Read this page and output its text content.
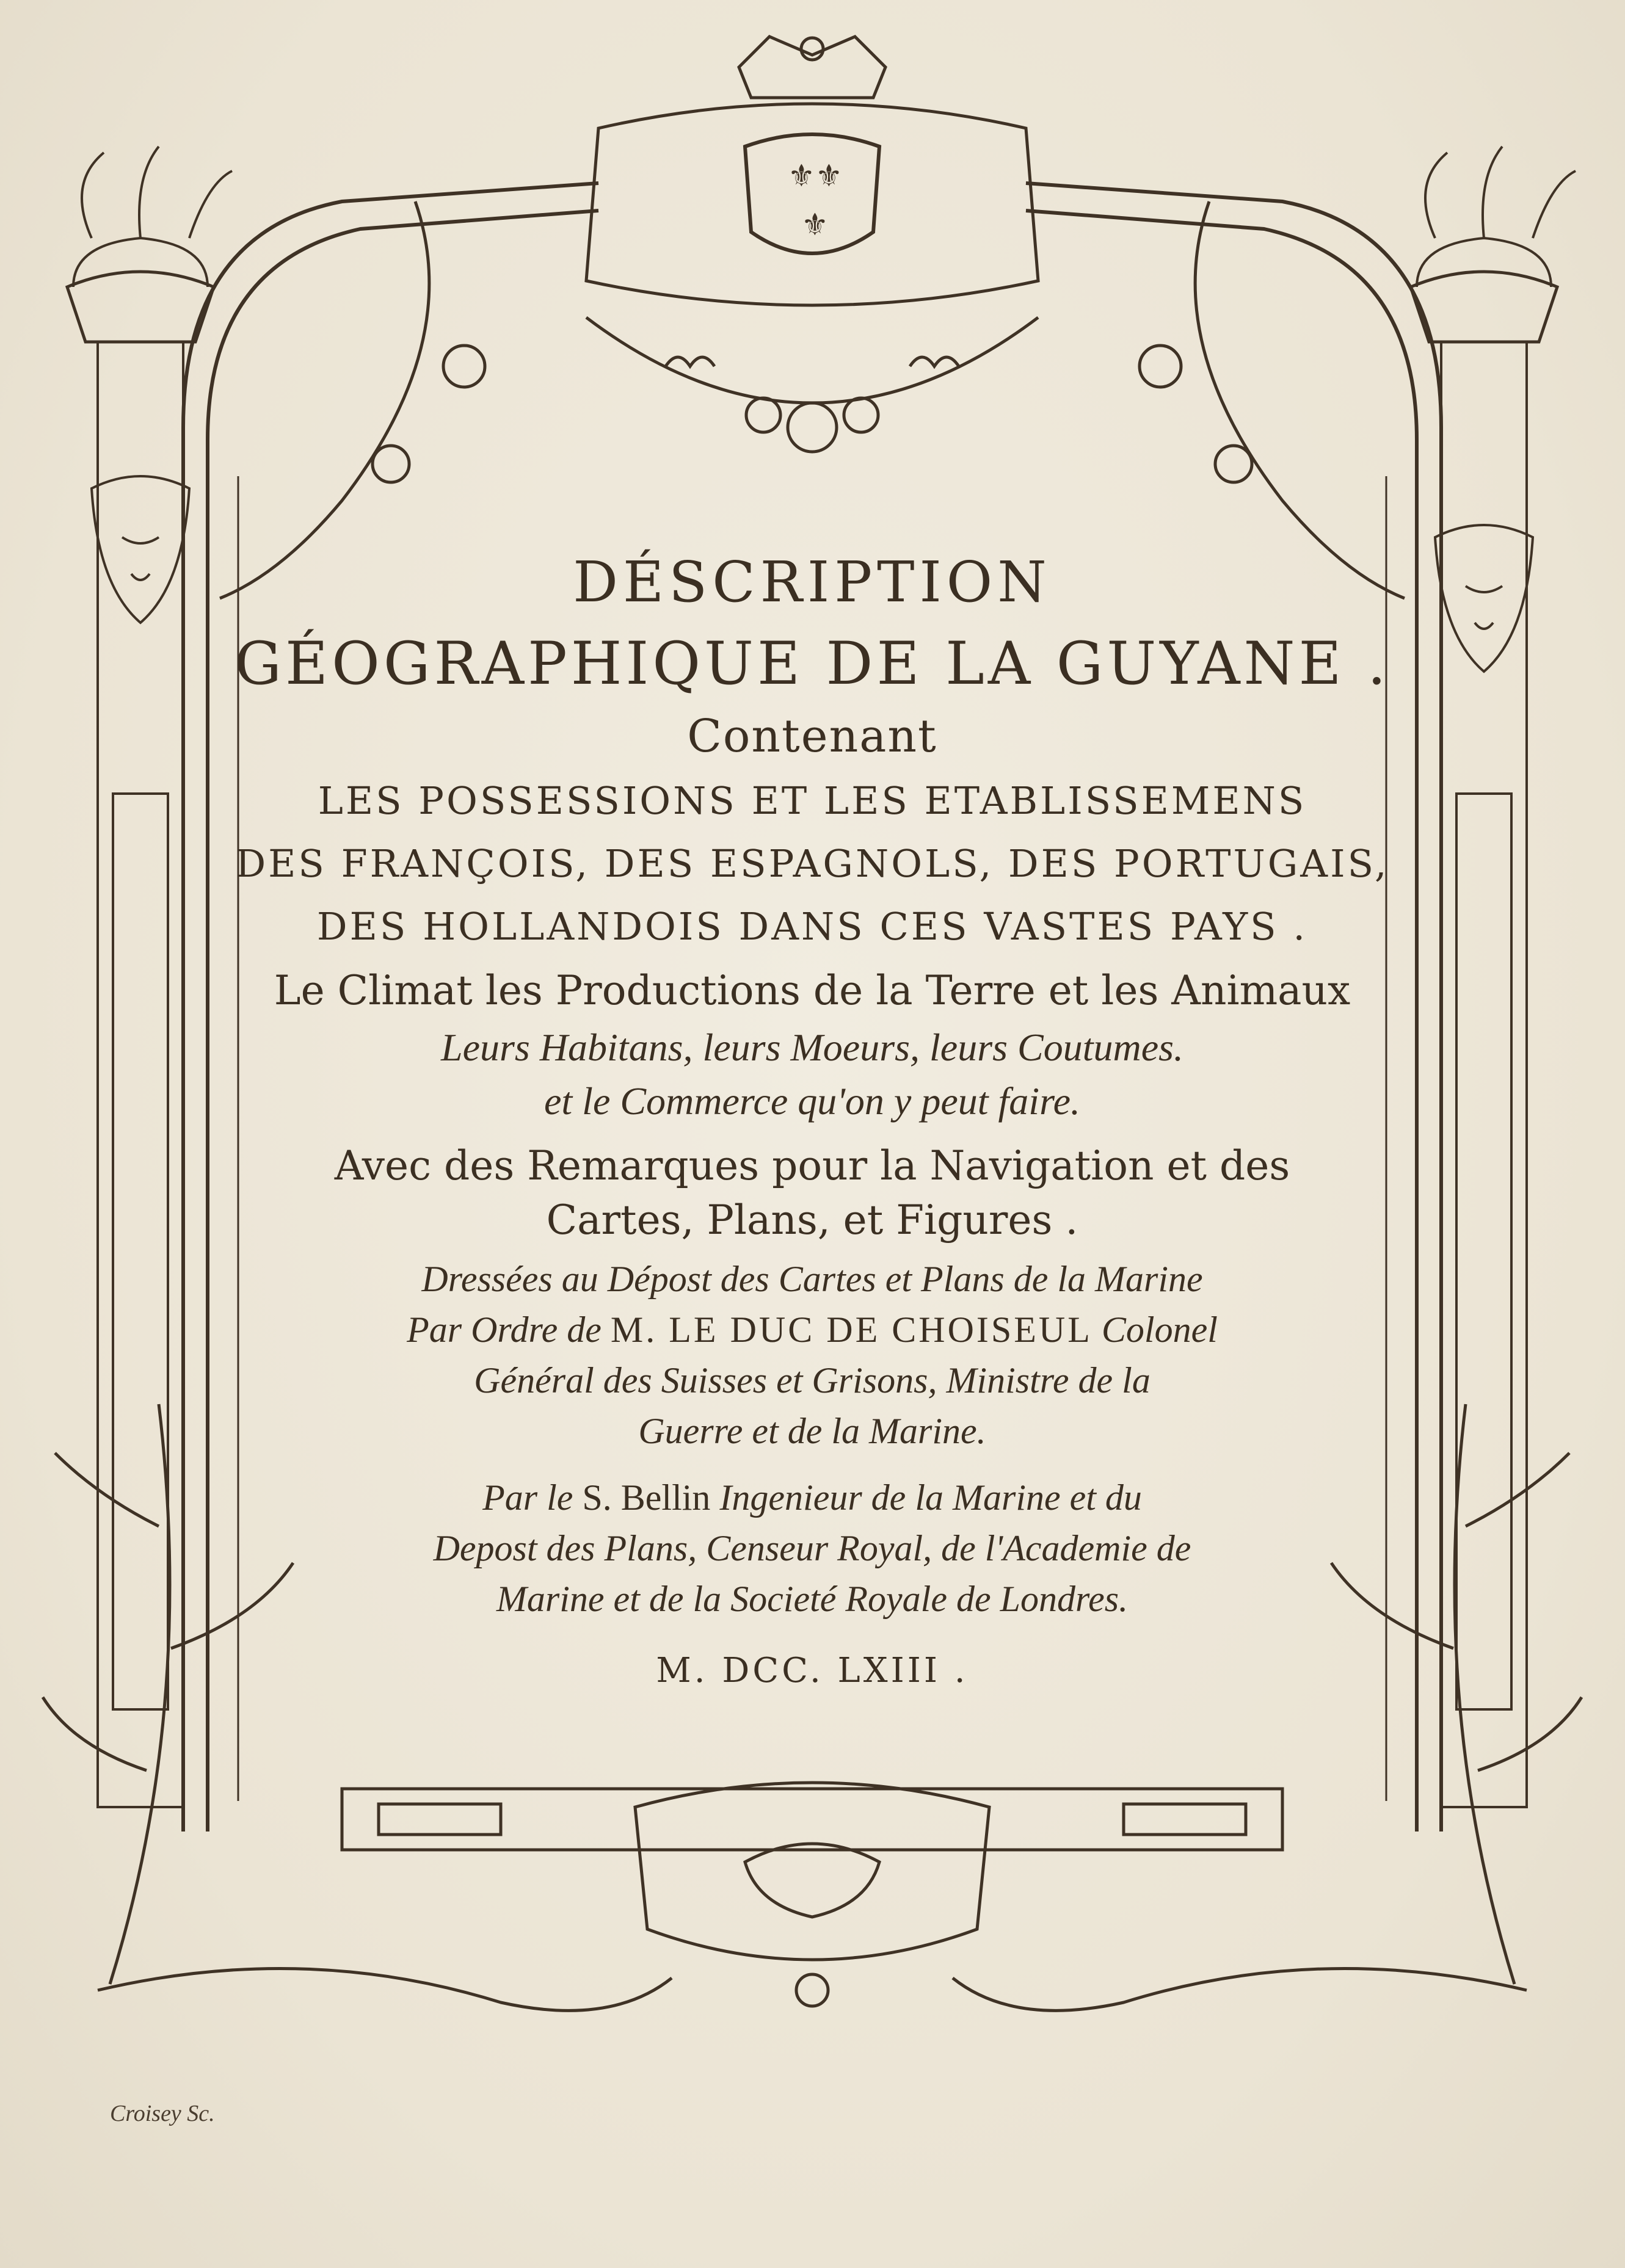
⚜ ⚜
⚜
DÉSCRIPTION
GÉOGRAPHIQUE DE LA GUYANE .
Contenant
LES POSSESSIONS ET LES ETABLISSEMENS
DES FRANÇOIS, DES ESPAGNOLS, DES PORTUGAIS,
DES HOLLANDOIS DANS CES VASTES PAYS .
Le Climat les Productions de la Terre et les Animaux
Leurs Habitans, leurs Moeurs, leurs Coutumes.
et le Commerce qu'on y peut faire.
Avec des Remarques pour la Navigation et des
Cartes, Plans, et Figures .
Dressées au Dépost des Cartes et Plans de la Marine
Par Ordre de M. LE DUC DE CHOISEUL Colonel
Général des Suisses et Grisons, Ministre de la
Guerre et de la Marine.
Par le S. Bellin Ingenieur de la Marine et du
Depost des Plans, Censeur Royal, de l'Academie de
Marine et de la Societé Royale de Londres.
M. DCC. LXIII .
Croisey Sc.
